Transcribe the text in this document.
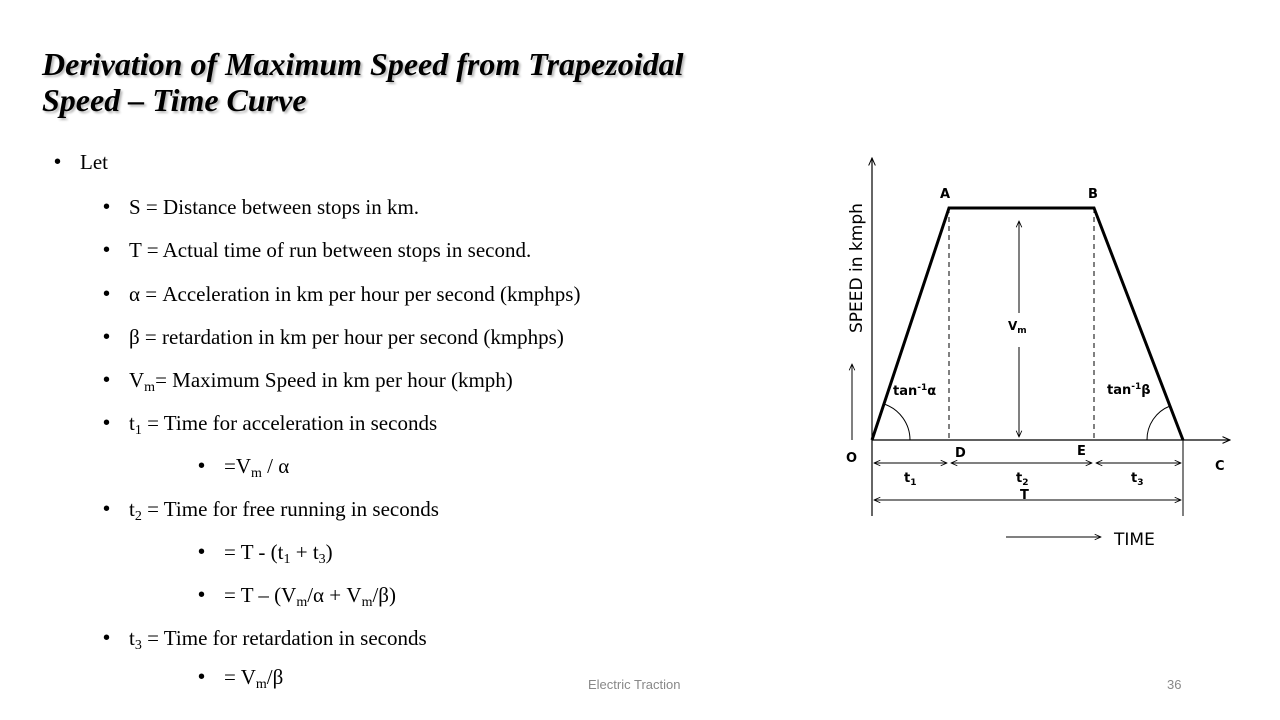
Derivation of Maximum Speed from Trapezoidal
Speed – Time Curve
• Let
• S = Distance between stops in km.
• T = Actual time of run between stops in second.
• α = Acceleration in km per hour per second (kmphps)
• β = retardation in km per hour per second (kmphps)
• $V_m=$ Maximum Speed in km per hour (kmph)
• $t_1$ = Time for acceleration in seconds
• $=V_m / \alpha$
• $t_2$ = Time for free running in seconds
• = $T - (t_1 + t_3)$
• = $T - (V_m/\alpha + V_m/\beta)$
• $t_3$ = Time for retardation in seconds
• = $V_m/\beta$
SPEED in kmph
TIME
A	B
O
C
D	E
$V_m$
$\tan^{-1}\alpha$	$\tan^{-1}\beta$
$t_1$	$t_2$	$t_3$
T
Electric Traction	36
